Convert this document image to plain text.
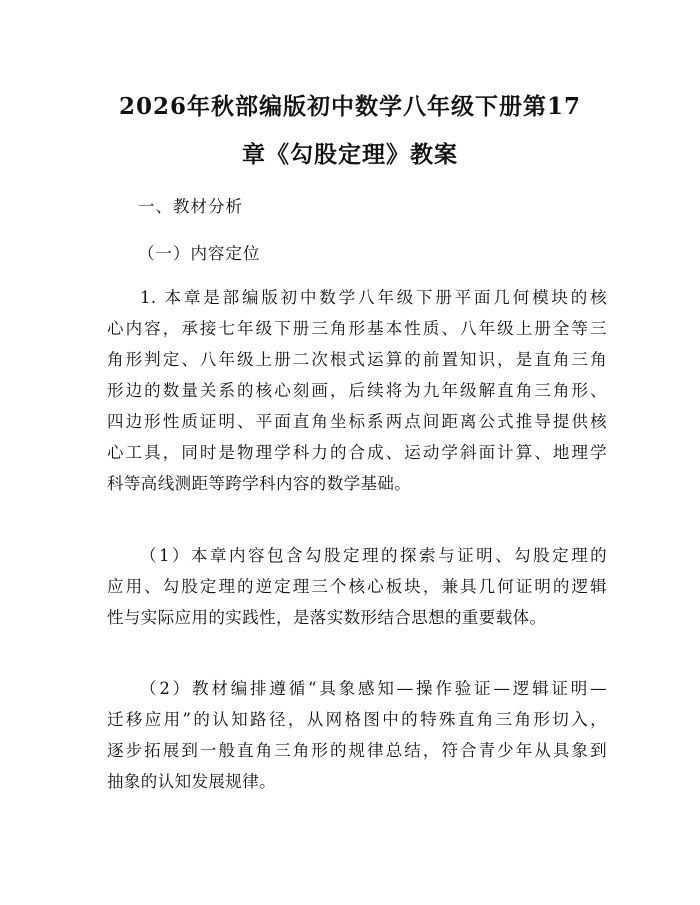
2026年秋部编版初中数学八年级下册第17
章《勾股定理》教案
一、教材分析
（一）内容定位
1. 本章是部编版初中数学八年级下册平面几何模块的核
心内容，承接七年级下册三角形基本性质、八年级上册全等三
角形判定、八年级上册二次根式运算的前置知识，是直角三角
形边的数量关系的核心刻画，后续将为九年级解直角三角形、
四边形性质证明、平面直角坐标系两点间距离公式推导提供核
心工具，同时是物理学科力的合成、运动学斜面计算、地理学
科等高线测距等跨学科内容的数学基础。
（1）本章内容包含勾股定理的探索与证明、勾股定理的
应用、勾股定理的逆定理三个核心板块，兼具几何证明的逻辑
性与实际应用的实践性，是落实数形结合思想的重要载体。
（2）教材编排遵循“具象感知—操作验证—逻辑证明—
迁移应用”的认知路径，从网格图中的特殊直角三角形切入，
逐步拓展到一般直角三角形的规律总结，符合青少年从具象到
抽象的认知发展规律。
